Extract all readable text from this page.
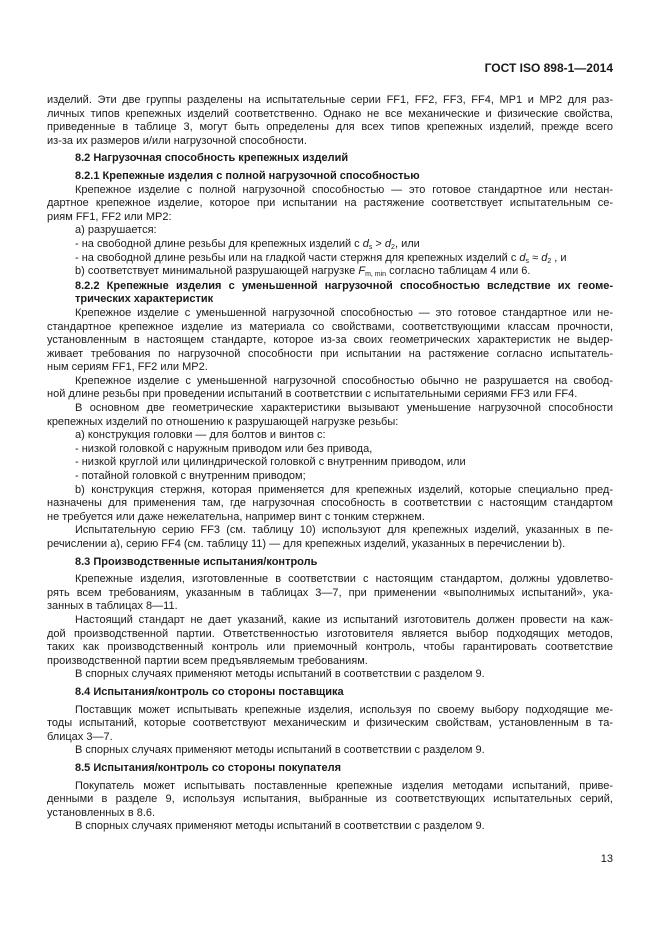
ГОСТ ISO 898-1—2014
изделий. Эти две группы разделены на испытательные серии FF1, FF2, FF3, FF4, MP1 и MP2 для раз-
личных типов крепежных изделий соответственно. Однако не все механические и физические свойства,
приведенные в таблице 3, могут быть определены для всех типов крепежных изделий, прежде всего
из-за их размеров и/или нагрузочной способности.
8.2 Нагрузочная способность крепежных изделий
8.2.1 Крепежные изделия с полной нагрузочной способностью
Крепежное изделие с полной нагрузочной способностью — это готовое стандартное или нестан-
дартное крепежное изделие, которое при испытании на растяжение соответствует испытательным се-
риям FF1, FF2 или MP2:
а) разрушается:
- на свободной длине резьбы для крепежных изделий с $d_s > d_2$, или
- на свободной длине резьбы или на гладкой части стержня для крепежных изделий с $d_s \approx d_2$ , и
b) соответствует минимальной разрушающей нагрузке $F_{m, min}$ согласно таблицам 4 или 6.
8.2.2 Крепежные изделия с уменьшенной нагрузочной способностью вследствие их геоме-
трических характеристик
Крепежное изделие с уменьшенной нагрузочной способностью — это готовое стандартное или не-
стандартное крепежное изделие из материала со свойствами, соответствующими классам прочности,
установленным в настоящем стандарте, которое из-за своих геометрических характеристик не выдер-
живает требования по нагрузочной способности при испытании на растяжение согласно испытатель-
ным сериям FF1, FF2 или MP2.
Крепежное изделие с уменьшенной нагрузочной способностью обычно не разрушается на свобод-
ной длине резьбы при проведении испытаний в соответствии с испытательными сериями FF3 или FF4.
В основном две геометрические характеристики вызывают уменьшение нагрузочной способности
крепежных изделий по отношению к разрушающей нагрузке резьбы:
а) конструкция головки — для болтов и винтов с:
- низкой головкой с наружным приводом или без привода,
- низкой круглой или цилиндрической головкой с внутренним приводом, или
- потайной головкой с внутренним приводом;
b) конструкция стержня, которая применяется для крепежных изделий, которые специально пред-
назначены для применения там, где нагрузочная способность в соответствии с настоящим стандартом
не требуется или даже нежелательна, например винт с тонким стержнем.
Испытательную серию FF3 (см. таблицу 10) используют для крепежных изделий, указанных в пе-
речислении а), серию FF4 (см. таблицу 11) — для крепежных изделий, указанных в перечислении b).
8.3 Производственные испытания/контроль
Крепежные изделия, изготовленные в соответствии с настоящим стандартом, должны удовлетво-
рять всем требованиям, указанным в таблицах 3—7, при применении «выполнимых испытаний», ука-
занных в таблицах 8—11.
Настоящий стандарт не дает указаний, какие из испытаний изготовитель должен провести на каж-
дой производственной партии. Ответственностью изготовителя является выбор подходящих методов,
таких как производственный контроль или приемочный контроль, чтобы гарантировать соответствие
производственной партии всем предъявляемым требованиям.
В спорных случаях применяют методы испытаний в соответствии с разделом 9.
8.4 Испытания/контроль со стороны поставщика
Поставщик может испытывать крепежные изделия, используя по своему выбору подходящие ме-
тоды испытаний, которые соответствуют механическим и физическим свойствам, установленным в та-
блицах 3—7.
В спорных случаях применяют методы испытаний в соответствии с разделом 9.
8.5 Испытания/контроль со стороны покупателя
Покупатель может испытывать поставленные крепежные изделия методами испытаний, приве-
денными в разделе 9, используя испытания, выбранные из соответствующих испытательных серий,
установленных в 8.6.
В спорных случаях применяют методы испытаний в соответствии с разделом 9.
13
